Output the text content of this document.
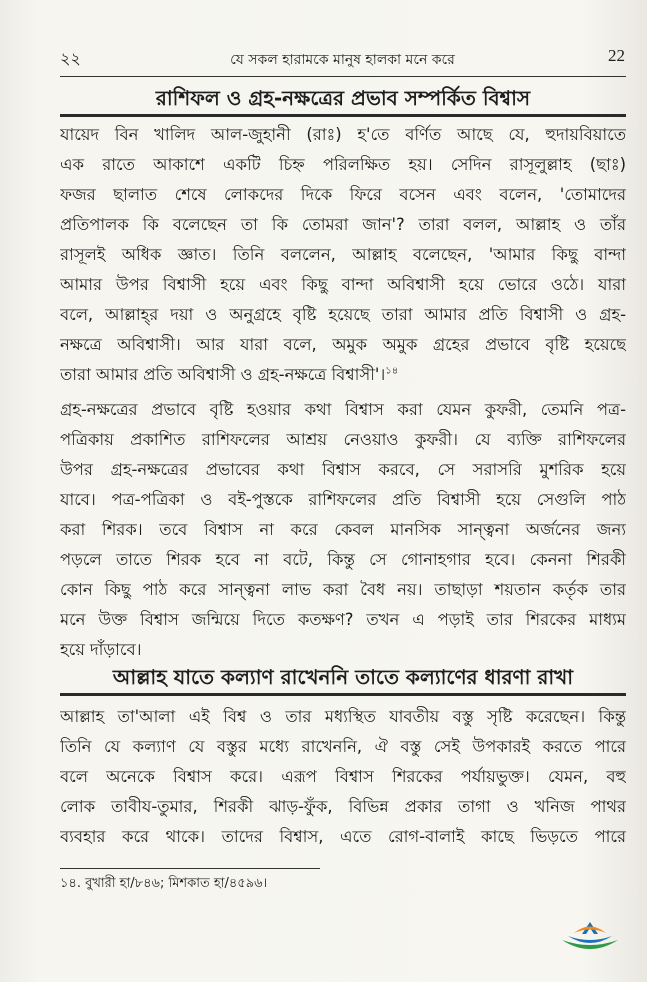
২২	যে সকল হারামকে মানুষ হালকা মনে করে	22
রাশিফল ও গ্রহ-নক্ষত্রের প্রভাব সম্পর্কিত বিশ্বাস
যায়েদ বিন খালিদ আল-জুহানী (রাঃ) হ'তে বর্ণিত আছে যে, হুদায়বিয়াতে
এক রাতে আকাশে একটি চিহ্ন পরিলক্ষিত হয়। সেদিন রাসূলুল্লাহ (ছাঃ)
ফজর ছালাত শেষে লোকদের দিকে ফিরে বসেন এবং বলেন, 'তোমাদের
প্রতিপালক কি বলেছেন তা কি তোমরা জান'? তারা বলল, আল্লাহ ও তাঁর
রাসূলই অধিক জ্ঞাত। তিনি বললেন, আল্লাহ বলেছেন, 'আমার কিছু বান্দা
আমার উপর বিশ্বাসী হয়ে এবং কিছু বান্দা অবিশ্বাসী হয়ে ভোরে ওঠে। যারা
বলে, আল্লাহ্‌র দয়া ও অনুগ্রহে বৃষ্টি হয়েছে তারা আমার প্রতি বিশ্বাসী ও গ্রহ-
নক্ষত্রে অবিশ্বাসী। আর যারা বলে, অমুক অমুক গ্রহের প্রভাবে বৃষ্টি হয়েছে
তারা আমার প্রতি অবিশ্বাসী ও গ্রহ-নক্ষত্রে বিশ্বাসী'।$^{১৪}$
গ্রহ-নক্ষত্রের প্রভাবে বৃষ্টি হওয়ার কথা বিশ্বাস করা যেমন কুফরী, তেমনি পত্র-
পত্রিকায় প্রকাশিত রাশিফলের আশ্রয় নেওয়াও কুফরী। যে ব্যক্তি রাশিফলের
উপর গ্রহ-নক্ষত্রের প্রভাবের কথা বিশ্বাস করবে, সে সরাসরি মুশরিক হয়ে
যাবে। পত্র-পত্রিকা ও বই-পুস্তকে রাশিফলের প্রতি বিশ্বাসী হয়ে সেগুলি পাঠ
করা শিরক। তবে বিশ্বাস না করে কেবল মানসিক সান্ত্বনা অর্জনের জন্য
পড়লে তাতে শিরক হবে না বটে, কিন্তু সে গোনাহগার হবে। কেননা শিরকী
কোন কিছু পাঠ করে সান্ত্বনা লাভ করা বৈধ নয়। তাছাড়া শয়তান কর্তৃক তার
মনে উক্ত বিশ্বাস জন্মিয়ে দিতে কতক্ষণ? তখন এ পড়াই তার শিরকের মাধ্যম
হয়ে দাঁড়াবে।
আল্লাহ যাতে কল্যাণ রাখেননি তাতে কল্যাণের ধারণা রাখা
আল্লাহ তা'আলা এই বিশ্ব ও তার মধ্যস্থিত যাবতীয় বস্তু সৃষ্টি করেছেন। কিন্তু
তিনি যে কল্যাণ যে বস্তুর মধ্যে রাখেননি, ঐ বস্তু সেই উপকারই করতে পারে
বলে অনেকে বিশ্বাস করে। এরূপ বিশ্বাস শিরকের পর্যায়ভুক্ত। যেমন, বহু
লোক তাবীয-তুমার, শিরকী ঝাড়-ফুঁক, বিভিন্ন প্রকার তাগা ও খনিজ পাথর
ব্যবহার করে থাকে। তাদের বিশ্বাস, এতে রোগ-বালাই কাছে ভিড়তে পারে
১৪. বুখারী হা/৮৪৬; মিশকাত হা/৪৫৯৬।
